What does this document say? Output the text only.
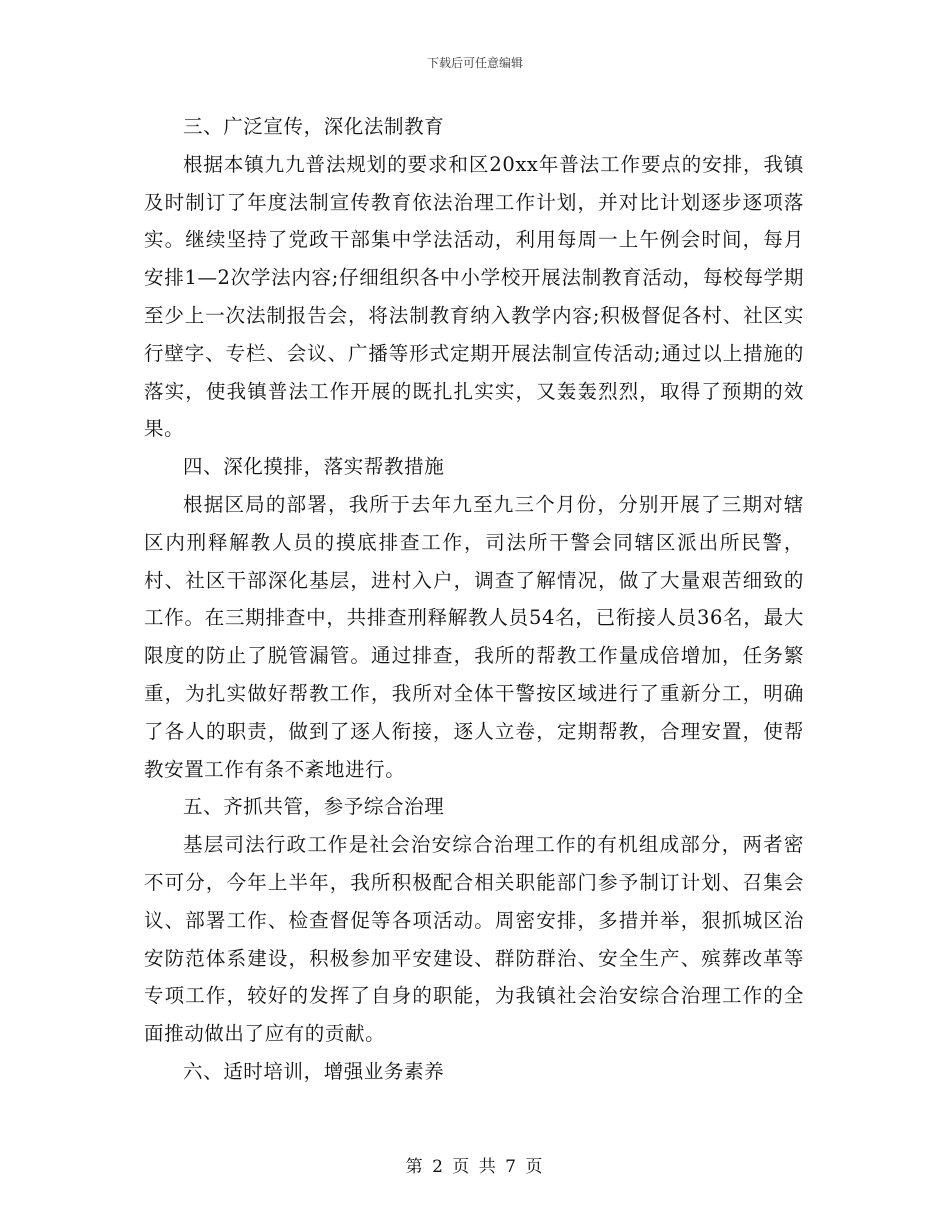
下载后可任意编辑

三、广泛宣传，深化法制教育

根据本镇九九普法规划的要求和区20xx年普法工作要点的安排，我镇及时制订了年度法制宣传教育依法治理工作计划，并对比计划逐步逐项落实。继续坚持了党政干部集中学法活动，利用每周一上午例会时间，每月安排1—2次学法内容;仔细组织各中小学校开展法制教育活动，每校每学期至少上一次法制报告会，将法制教育纳入教学内容;积极督促各村、社区实行壁字、专栏、会议、广播等形式定期开展法制宣传活动;通过以上措施的落实，使我镇普法工作开展的既扎扎实实，又轰轰烈烈，取得了预期的效果。

四、深化摸排，落实帮教措施

根据区局的部署，我所于去年九至九三个月份，分别开展了三期对辖区内刑释解教人员的摸底排查工作，司法所干警会同辖区派出所民警，村、社区干部深化基层，进村入户，调查了解情况，做了大量艰苦细致的工作。在三期排查中，共排查刑释解教人员54名，已衔接人员36名，最大限度的防止了脱管漏管。通过排查，我所的帮教工作量成倍增加，任务繁重，为扎实做好帮教工作，我所对全体干警按区域进行了重新分工，明确了各人的职责，做到了逐人衔接，逐人立卷，定期帮教，合理安置，使帮教安置工作有条不紊地进行。

五、齐抓共管，参予综合治理

基层司法行政工作是社会治安综合治理工作的有机组成部分，两者密不可分，今年上半年，我所积极配合相关职能部门参予制订计划、召集会议、部署工作、检查督促等各项活动。周密安排，多措并举，狠抓城区治安防范体系建设，积极参加平安建设、群防群治、安全生产、殡葬改革等专项工作，较好的发挥了自身的职能，为我镇社会治安综合治理工作的全面推动做出了应有的贡献。

六、适时培训，增强业务素养

第 2 页 共 7 页
